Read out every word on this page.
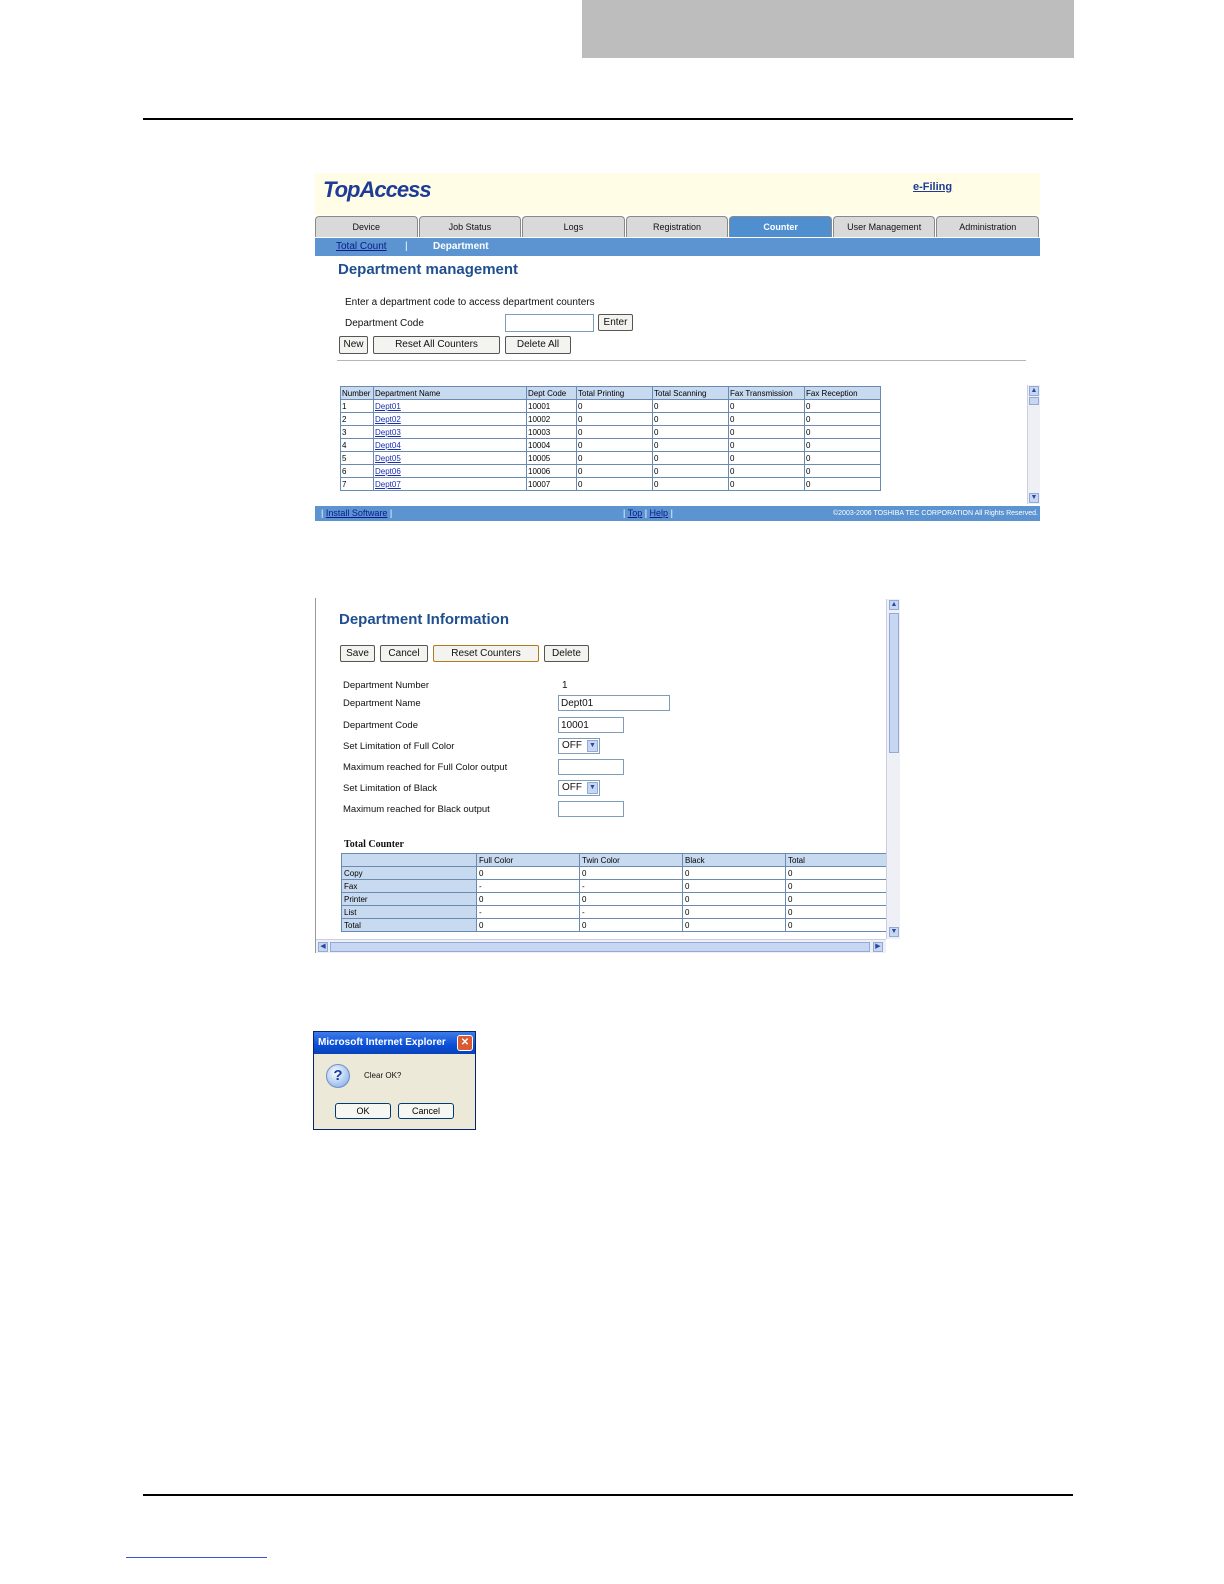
TopAccess	e-Filing
Device	Job Status	Logs	Registration	Counter	User Management	Administration
Total Count |	Department
Department management
Enter a department code to access department counters
Department Code	Enter
New	Reset All Counters	Delete All
Number	Department Name	Dept Code	Total Printing	Total Scanning	Fax Transmission	Fax Reception
1	Dept01	10001	0	0	0	0
2	Dept02	10002	0	0	0	0
3	Dept03	10003	0	0	0	0
4	Dept04	10004	0	0	0	0
5	Dept05	10005	0	0	0	0
6	Dept06	10006	0	0	0	0
7	Dept07	10007	0	0	0	0
▲
▼
| Install Software |	| Top | Help |	©2003-2006 TOSHIBA TEC CORPORATION All Rights Reserved.
Department Information
Save	Cancel	Reset Counters	Delete
Department Number	1
Department Name	Dept01
Department Code	10001
Set Limitation of Full Color	OFF ▼
Maximum reached for Full Color output
Set Limitation of Black	OFF ▼
Maximum reached for Black output
Total Counter
	Full Color	Twin Color	Black	Total
Copy	0	0	0	0
Fax	-	-	0	0
Printer	0	0	0	0
List	-	-	0	0
Total	0	0	0	0
▲
▼
◀	▶
Microsoft Internet Explorer	✕
?	Clear OK?
OK	Cancel
